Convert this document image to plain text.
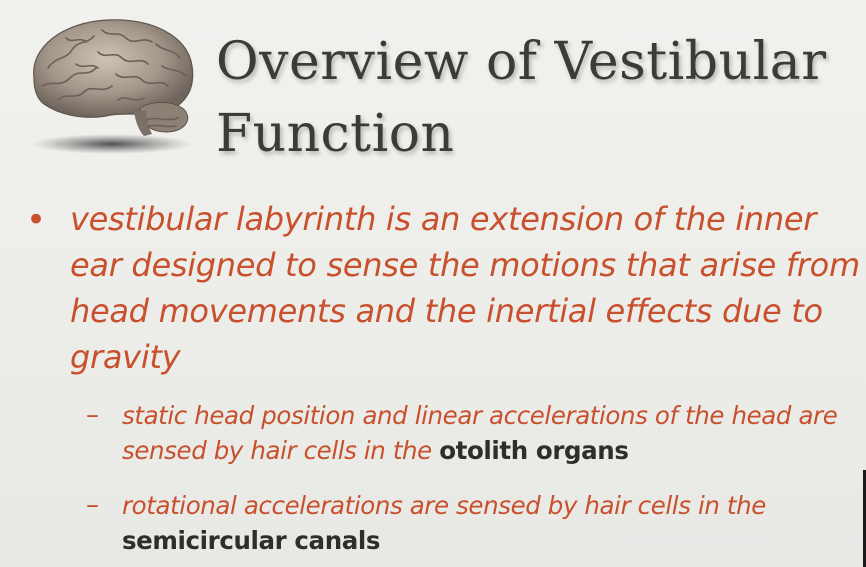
Overview of Vestibular
Function
• vestibular labyrinth is an extension of the inner ear designed to sense the motions that arise from head movements and the inertial effects due to gravity
– static head position and linear accelerations of the head are sensed by hair cells in the otolith organs
– rotational accelerations are sensed by hair cells in the semicircular canals
